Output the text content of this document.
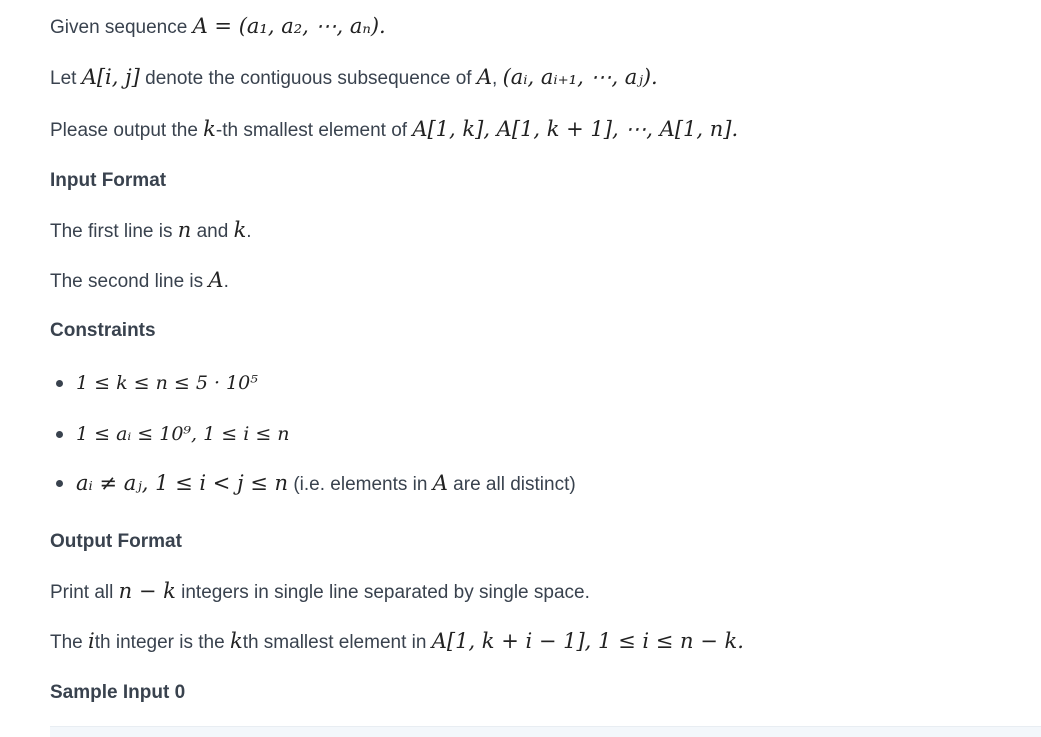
Given sequence A = (a₁, a₂, ⋯, aₙ).
Let A[i, j] denote the contiguous subsequence of A, (aᵢ, aᵢ₊₁, ⋯, aⱼ).
Please output the k-th smallest element of A[1, k], A[1, k + 1], ⋯, A[1, n].
Input Format
The first line is n and k.
The second line is A.
Constraints
1 ≤ k ≤ n ≤ 5 · 10⁵
1 ≤ aᵢ ≤ 10⁹, 1 ≤ i ≤ n
aᵢ ≠ aⱼ, 1 ≤ i < j ≤ n (i.e. elements in A are all distinct)
Output Format
Print all n − k integers in single line separated by single space.
The ith integer is the kth smallest element in A[1, k + i − 1], 1 ≤ i ≤ n − k.
Sample Input 0
